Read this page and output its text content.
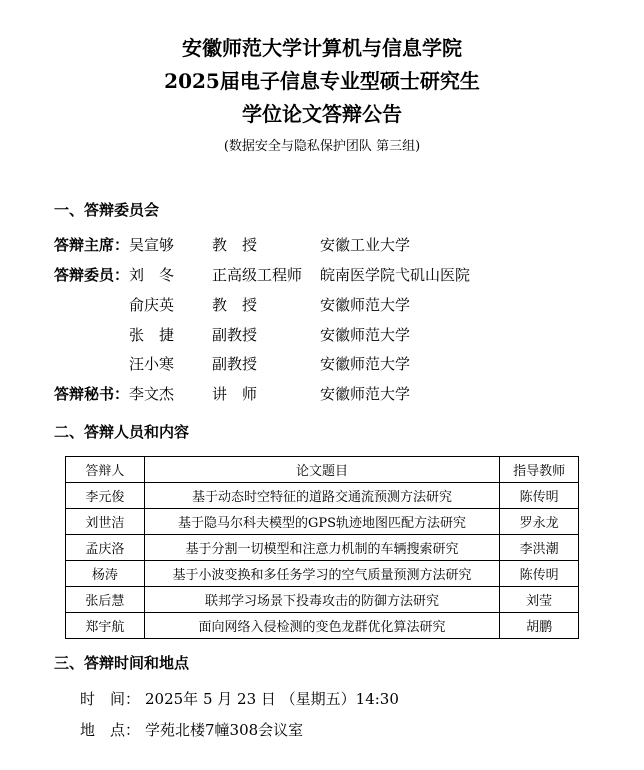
安徽师范大学计算机与信息学院
2025届电子信息专业型硕士研究生
学位论文答辩公告
(数据安全与隐私保护团队 第三组)
一、答辩委员会
答辩主席： 吴宣够	教　授	安徽工业大学
答辩委员： 刘　冬	正高级工程师 皖南医学院弋矶山医院
俞庆英	教　授	安徽师范大学
张　捷	副教授	安徽师范大学
汪小寒	副教授	安徽师范大学
答辩秘书： 李文杰	讲　师	安徽师范大学
二、答辩人员和内容
答辩人	论文题目	指导教师
李元俊	基于动态时空特征的道路交通流预测方法研究	陈传明
刘世洁	基于隐马尔科夫模型的GPS轨迹地图匹配方法研究	罗永龙
孟庆洛	基于分割一切模型和注意力机制的车辆搜索研究	李洪潮
杨涛	基于小波变换和多任务学习的空气质量预测方法研究	陈传明
张后慧	联邦学习场景下投毒攻击的防御方法研究	刘莹
郑宇航	面向网络入侵检测的变色龙群优化算法研究	胡鹏
三、答辩时间和地点
时　间： 2025年 5 月 23 日 （星期五）14:30
地　点： 学苑北楼7幢308会议室
